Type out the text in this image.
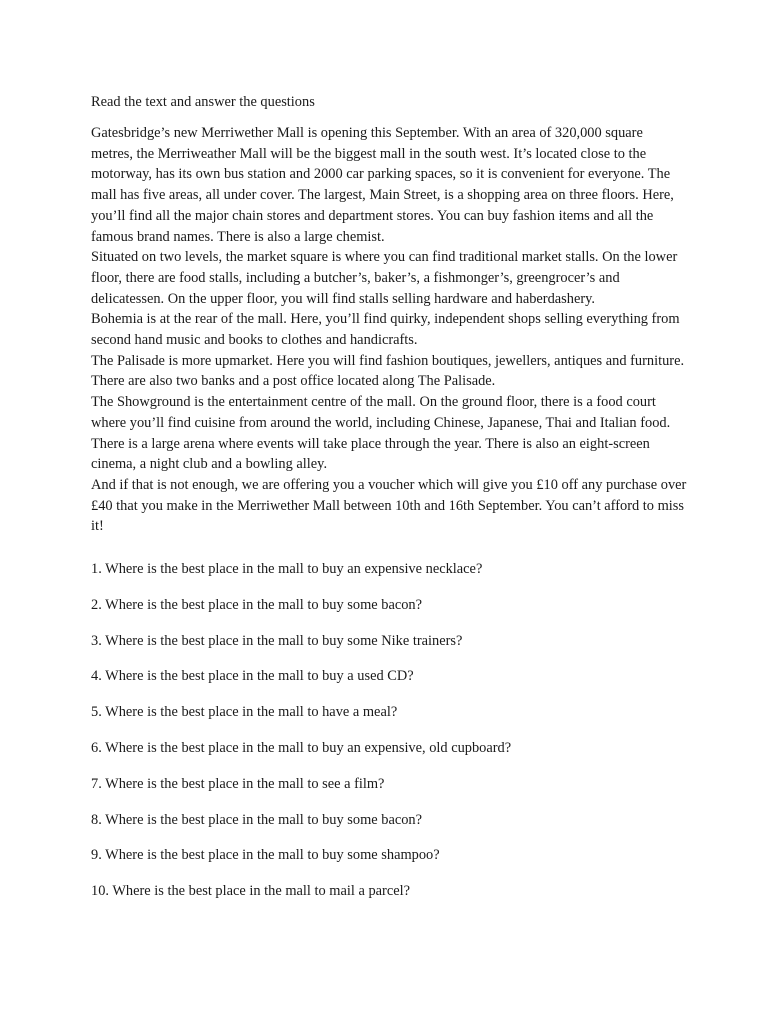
Read the text and answer the questions

Gatesbridge’s new Merriwether Mall is opening this September. With an area of 320,000 square metres, the Merriweather Mall will be the biggest mall in the south west. It’s located close to the motorway, has its own bus station and 2000 car parking spaces, so it is convenient for everyone. The mall has five areas, all under cover. The largest, Main Street, is a shopping area on three floors. Here, you’ll find all the major chain stores and department stores. You can buy fashion items and all the famous brand names. There is also a large chemist.

Situated on two levels, the market square is where you can find traditional market stalls. On the lower floor, there are food stalls, including a butcher’s, baker’s, a fishmonger’s, greengrocer’s and delicatessen. On the upper floor, you will find stalls selling hardware and haberdashery.

Bohemia is at the rear of the mall. Here, you’ll find quirky, independent shops selling everything from second hand music and books to clothes and handicrafts.

The Palisade is more upmarket. Here you will find fashion boutiques, jewellers, antiques and furniture. There are also two banks and a post office located along The Palisade.

The Showground is the entertainment centre of the mall. On the ground floor, there is a food court where you’ll find cuisine from around the world, including Chinese, Japanese, Thai and Italian food. There is a large arena where events will take place through the year. There is also an eight-screen cinema, a night club and a bowling alley.

And if that is not enough, we are offering you a voucher which will give you £10 off any purchase over £40 that you make in the Merriwether Mall between 10th and 16th September. You can’t afford to miss it!

1. Where is the best place in the mall to buy an expensive necklace?
2. Where is the best place in the mall to buy some bacon?
3. Where is the best place in the mall to buy some Nike trainers?
4. Where is the best place in the mall to buy a used CD?
5. Where is the best place in the mall to have a meal?
6. Where is the best place in the mall to buy an expensive, old cupboard?
7. Where is the best place in the mall to see a film?
8. Where is the best place in the mall to buy some bacon?
9. Where is the best place in the mall to buy some shampoo?
10. Where is the best place in the mall to mail a parcel?
